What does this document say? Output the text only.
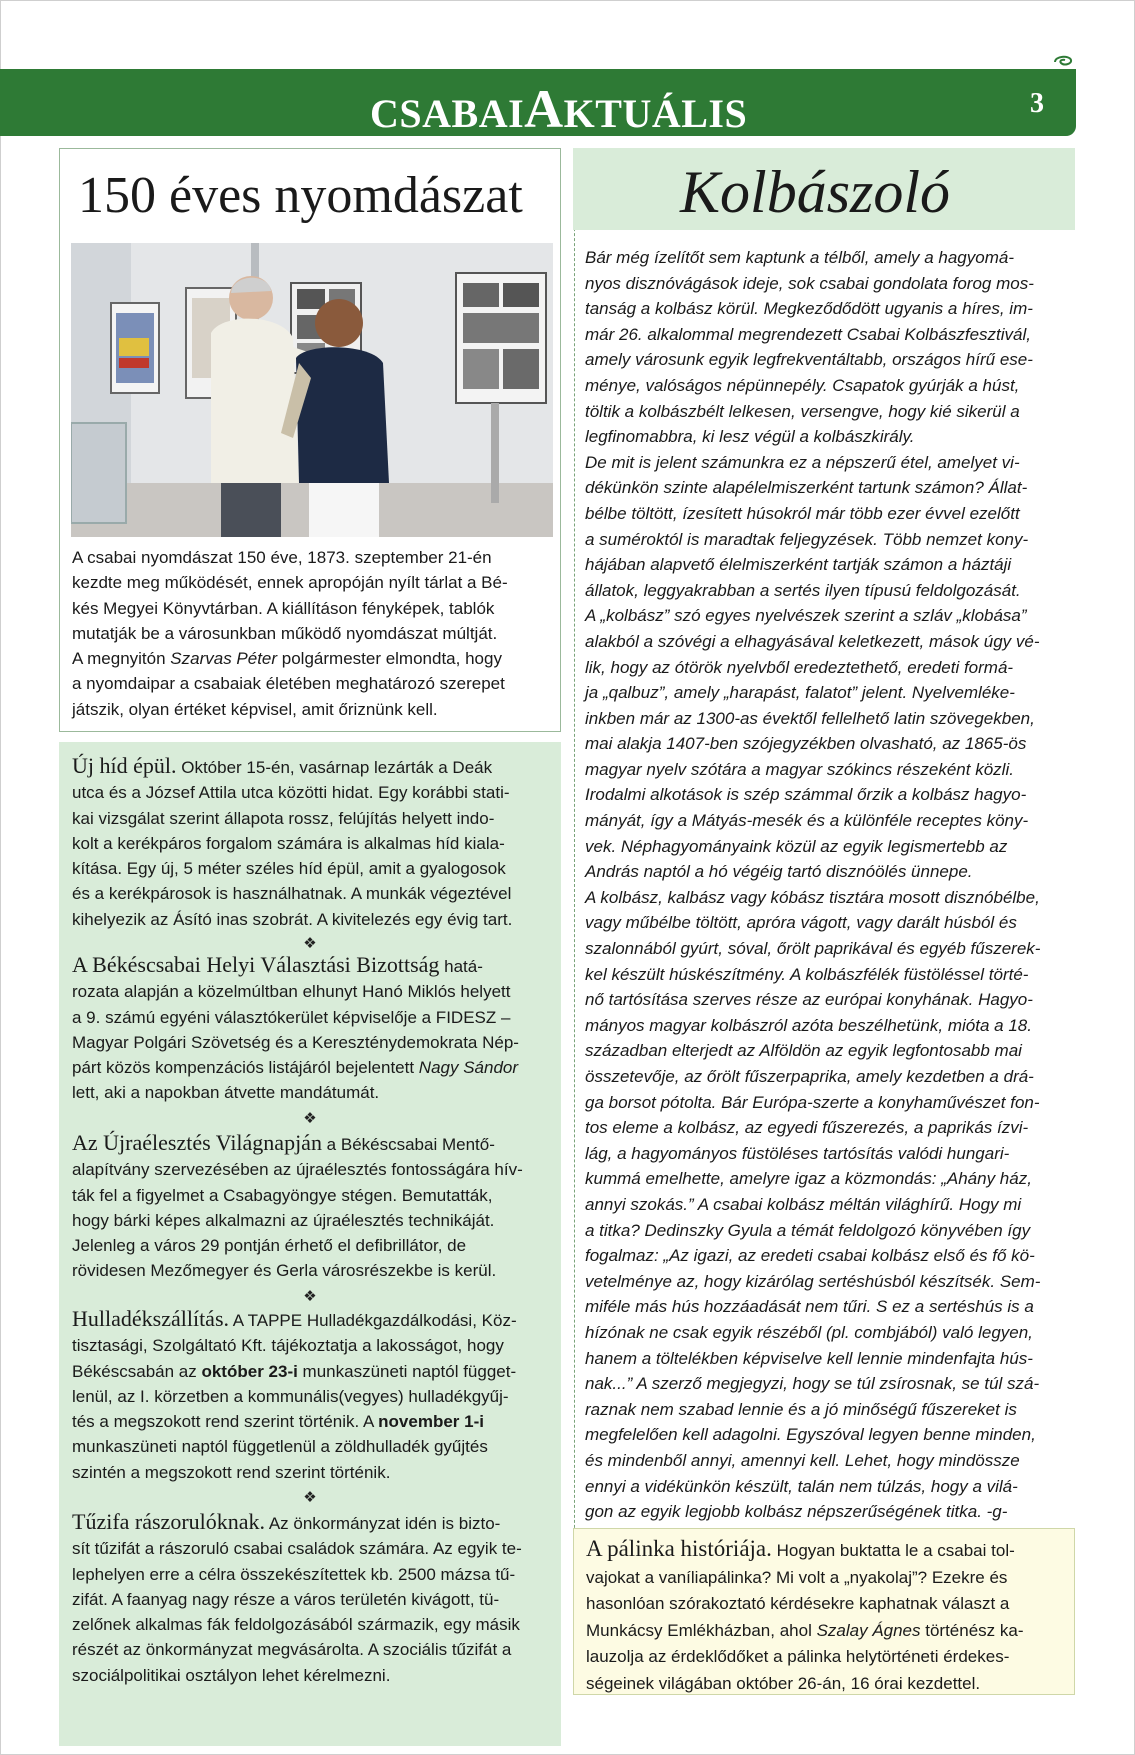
CSABAIAKTUÁLIS	3
150 éves nyomdászat
A csabai nyomdászat 150 éve, 1873. szeptember 21-én
kezdte meg működését, ennek apropóján nyílt tárlat a Bé-
kés Megyei Könyvtárban. A kiállításon fényképek, tablók
mutatják be a városunkban működő nyomdászat múltját.
A megnyitón Szarvas Péter polgármester elmondta, hogy
a nyomdaipar a csabaiak életében meghatározó szerepet
játszik, olyan értéket képvisel, amit őriznünk kell.
Új híd épül. Október 15-én, vasárnap lezárták a Deák
utca és a József Attila utca közötti hidat. Egy korábbi stati-
kai vizsgálat szerint állapota rossz, felújítás helyett indo-
kolt a kerékpáros forgalom számára is alkalmas híd kiala-
kítása. Egy új, 5 méter széles híd épül, amit a gyalogosok
és a kerékpárosok is használhatnak. A munkák végeztével
kihelyezik az Ásító inas szobrát. A kivitelezés egy évig tart.
❖
A Békéscsabai Helyi Választási Bizottság hatá-
rozata alapján a közelmúltban elhunyt Hanó Miklós helyett
a 9. számú egyéni választókerület képviselője a FIDESZ –
Magyar Polgári Szövetség és a Kereszténydemokrata Nép-
párt közös kompenzációs listájáról bejelentett Nagy Sándor
lett, aki a napokban átvette mandátumát.
❖
Az Újraélesztés Világnapján a Békéscsabai Mentő-
alapítvány szervezésében az újraélesztés fontosságára hív-
ták fel a figyelmet a Csabagyöngye stégen. Bemutatták,
hogy bárki képes alkalmazni az újraélesztés technikáját.
Jelenleg a város 29 pontján érhető el defibrillátor, de
rövidesen Mezőmegyer és Gerla városrészekbe is kerül.
❖
Hulladékszállítás. A TAPPE Hulladékgazdálkodási, Köz-
tisztasági, Szolgáltató Kft. tájékoztatja a lakosságot, hogy
Békéscsabán az október 23-i munkaszüneti naptól függet-
lenül, az I. körzetben a kommunális(vegyes) hulladékgyűj-
tés a megszokott rend szerint történik. A november 1-i
munkaszüneti naptól függetlenül a zöldhulladék gyűjtés
szintén a megszokott rend szerint történik.
❖
Tűzifa rászorulóknak. Az önkormányzat idén is bizto-
sít tűzifát a rászoruló csabai családok számára. Az egyik te-
lephelyen erre a célra összekészítettek kb. 2500 mázsa tű-
zifát. A faanyag nagy része a város területén kivágott, tü-
zelőnek alkalmas fák feldolgozásából származik, egy másik
részét az önkormányzat megvásárolta. A szociális tűzifát a
szociálpolitikai osztályon lehet kérelmezni.
Kolbászoló
Bár még ízelítőt sem kaptunk a télből, amely a hagyomá-
nyos disznóvágások ideje, sok csabai gondolata forog mos-
tanság a kolbász körül. Megkeződődött ugyanis a híres, im-
már 26. alkalommal megrendezett Csabai Kolbászfesztivál,
amely városunk egyik legfrekventáltabb, országos hírű ese-
ménye, valóságos népünnepély. Csapatok gyúrják a húst,
töltik a kolbászbélt lelkesen, versengve, hogy kié sikerül a
legfinomabbra, ki lesz végül a kolbászkirály.
De mit is jelent számunkra ez a népszerű étel, amelyet vi-
dékünkön szinte alapélelmiszerként tartunk számon? Állat-
bélbe töltött, ízesített húsokról már több ezer évvel ezelőtt
a suméroktól is maradtak feljegyzések. Több nemzet kony-
hájában alapvető élelmiszerként tartják számon a háztáji
állatok, leggyakrabban a sertés ilyen típusú feldolgozását.
A „kolbász” szó egyes nyelvészek szerint a szláv „klobása”
alakból a szóvégi a elhagyásával keletkezett, mások úgy vé-
lik, hogy az ótörök nyelvből eredeztethető, eredeti formá-
ja „qalbuz”, amely „harapást, falatot” jelent. Nyelvemléke-
inkben már az 1300-as évektől fellelhető latin szövegekben,
mai alakja 1407-ben szójegyzékben olvasható, az 1865-ös
magyar nyelv szótára a magyar szókincs részeként közli.
Irodalmi alkotások is szép számmal őrzik a kolbász hagyo-
mányát, így a Mátyás-mesék és a különféle receptes köny-
vek. Néphagyományaink közül az egyik legismertebb az
András naptól a hó végéig tartó disznóölés ünnepe.
A kolbász, kalbász vagy kóbász tisztára mosott disznóbélbe,
vagy műbélbe töltött, apróra vágott, vagy darált húsból és
szalonnából gyúrt, sóval, őrölt paprikával és egyéb fűszerek-
kel készült húskészítmény. A kolbászfélék füstöléssel törté-
nő tartósítása szerves része az európai konyhának. Hagyo-
mányos magyar kolbászról azóta beszélhetünk, mióta a 18.
században elterjedt az Alföldön az egyik legfontosabb mai
összetevője, az őrölt fűszerpaprika, amely kezdetben a drá-
ga borsot pótolta. Bár Európa-szerte a konyhaművészet fon-
tos eleme a kolbász, az egyedi fűszerezés, a paprikás ízvi-
lág, a hagyományos füstöléses tartósítás valódi hungari-
kummá emelhette, amelyre igaz a közmondás: „Ahány ház,
annyi szokás.” A csabai kolbász méltán világhírű. Hogy mi
a titka? Dedinszky Gyula a témát feldolgozó könyvében így
fogalmaz: „Az igazi, az eredeti csabai kolbász első és fő kö-
vetelménye az, hogy kizárólag sertéshúsból készítsék. Sem-
miféle más hús hozzáadását nem tűri. S ez a sertéshús is a
hízónak ne csak egyik részéből (pl. combjából) való legyen,
hanem a töltelékben képviselve kell lennie mindenfajta hús-
nak...” A szerző megjegyzi, hogy se túl zsírosnak, se túl szá-
raznak nem szabad lennie és a jó minőségű fűszereket is
megfelelően kell adagolni. Egyszóval legyen benne minden,
és mindenből annyi, amennyi kell. Lehet, hogy mindössze
ennyi a vidékünkön készült, talán nem túlzás, hogy a vilá-
gon az egyik legjobb kolbász népszerűségének titka. -g-
A pálinka históriája. Hogyan buktatta le a csabai tol-
vajokat a vaníliapálinka? Mi volt a „nyakolaj”? Ezekre és
hasonlóan szórakoztató kérdésekre kaphatnak választ a
Munkácsy Emlékházban, ahol Szalay Ágnes történész ka-
lauzolja az érdeklődőket a pálinka helytörténeti érdekes-
ségeinek világában október 26-án, 16 órai kezdettel.
